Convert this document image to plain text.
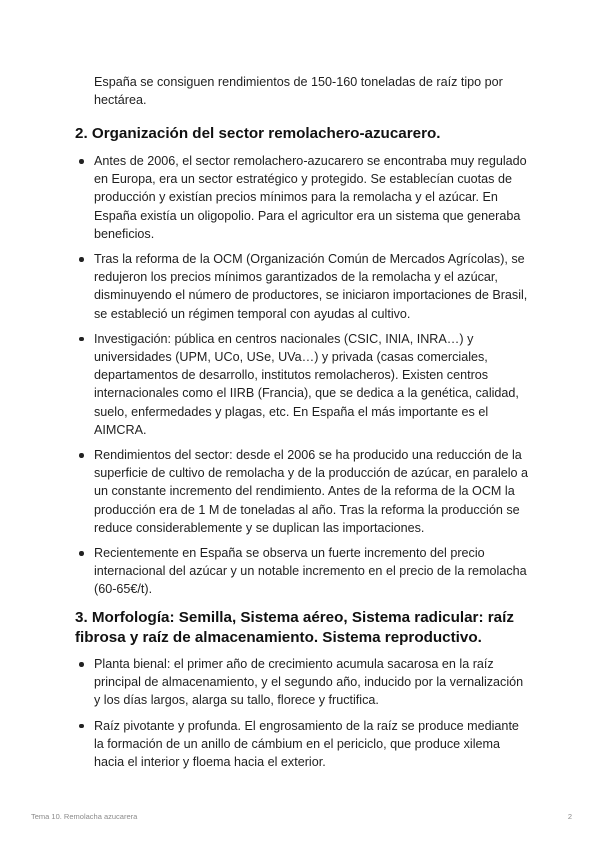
España se consiguen rendimientos de 150-160 toneladas de raíz tipo por hectárea.

2. Organización del sector remolachero-azucarero.
Antes de 2006, el sector remolachero-azucarero se encontraba muy regulado en Europa, era un sector estratégico y protegido. Se establecían cuotas de producción y existían precios mínimos para la remolacha y el azúcar. En España existía un oligopolio. Para el agricultor era un sistema que generaba beneficios.
Tras la reforma de la OCM (Organización Común de Mercados Agrícolas), se redujeron los precios mínimos garantizados de la remolacha y el azúcar, disminuyendo el número de productores, se iniciaron importaciones de Brasil, se estableció un régimen temporal con ayudas al cultivo.
Investigación: pública en centros nacionales (CSIC, INIA, INRA…) y universidades (UPM, UCo, USe, UVa…) y privada (casas comerciales, departamentos de desarrollo, institutos remolacheros). Existen centros internacionales como el IIRB (Francia), que se dedica a la genética, calidad, suelo, enfermedades y plagas, etc. En España el más importante es el AIMCRA.
Rendimientos del sector: desde el 2006 se ha producido una reducción de la superficie de cultivo de remolacha y de la producción de azúcar, en paralelo a un constante incremento del rendimiento. Antes de la reforma de la OCM la producción era de 1 M de toneladas al año. Tras la reforma la producción se reduce considerablemente y se duplican las importaciones.
Recientemente en España se observa un fuerte incremento del precio internacional del azúcar y un notable incremento en el precio de la remolacha (60-65€/t).
3. Morfología: Semilla, Sistema aéreo, Sistema radicular: raíz fibrosa y raíz de almacenamiento. Sistema reproductivo.
Planta bienal: el primer año de crecimiento acumula sacarosa en la raíz principal de almacenamiento, y el segundo año, inducido por la vernalización y los días largos, alarga su tallo, florece y fructifica.
Raíz pivotante y profunda. El engrosamiento de la raíz se produce mediante la formación de un anillo de cámbium en el periciclo, que produce xilema hacia el interior y floema hacia el exterior.
Tema 10. Remolacha azucarera	2
